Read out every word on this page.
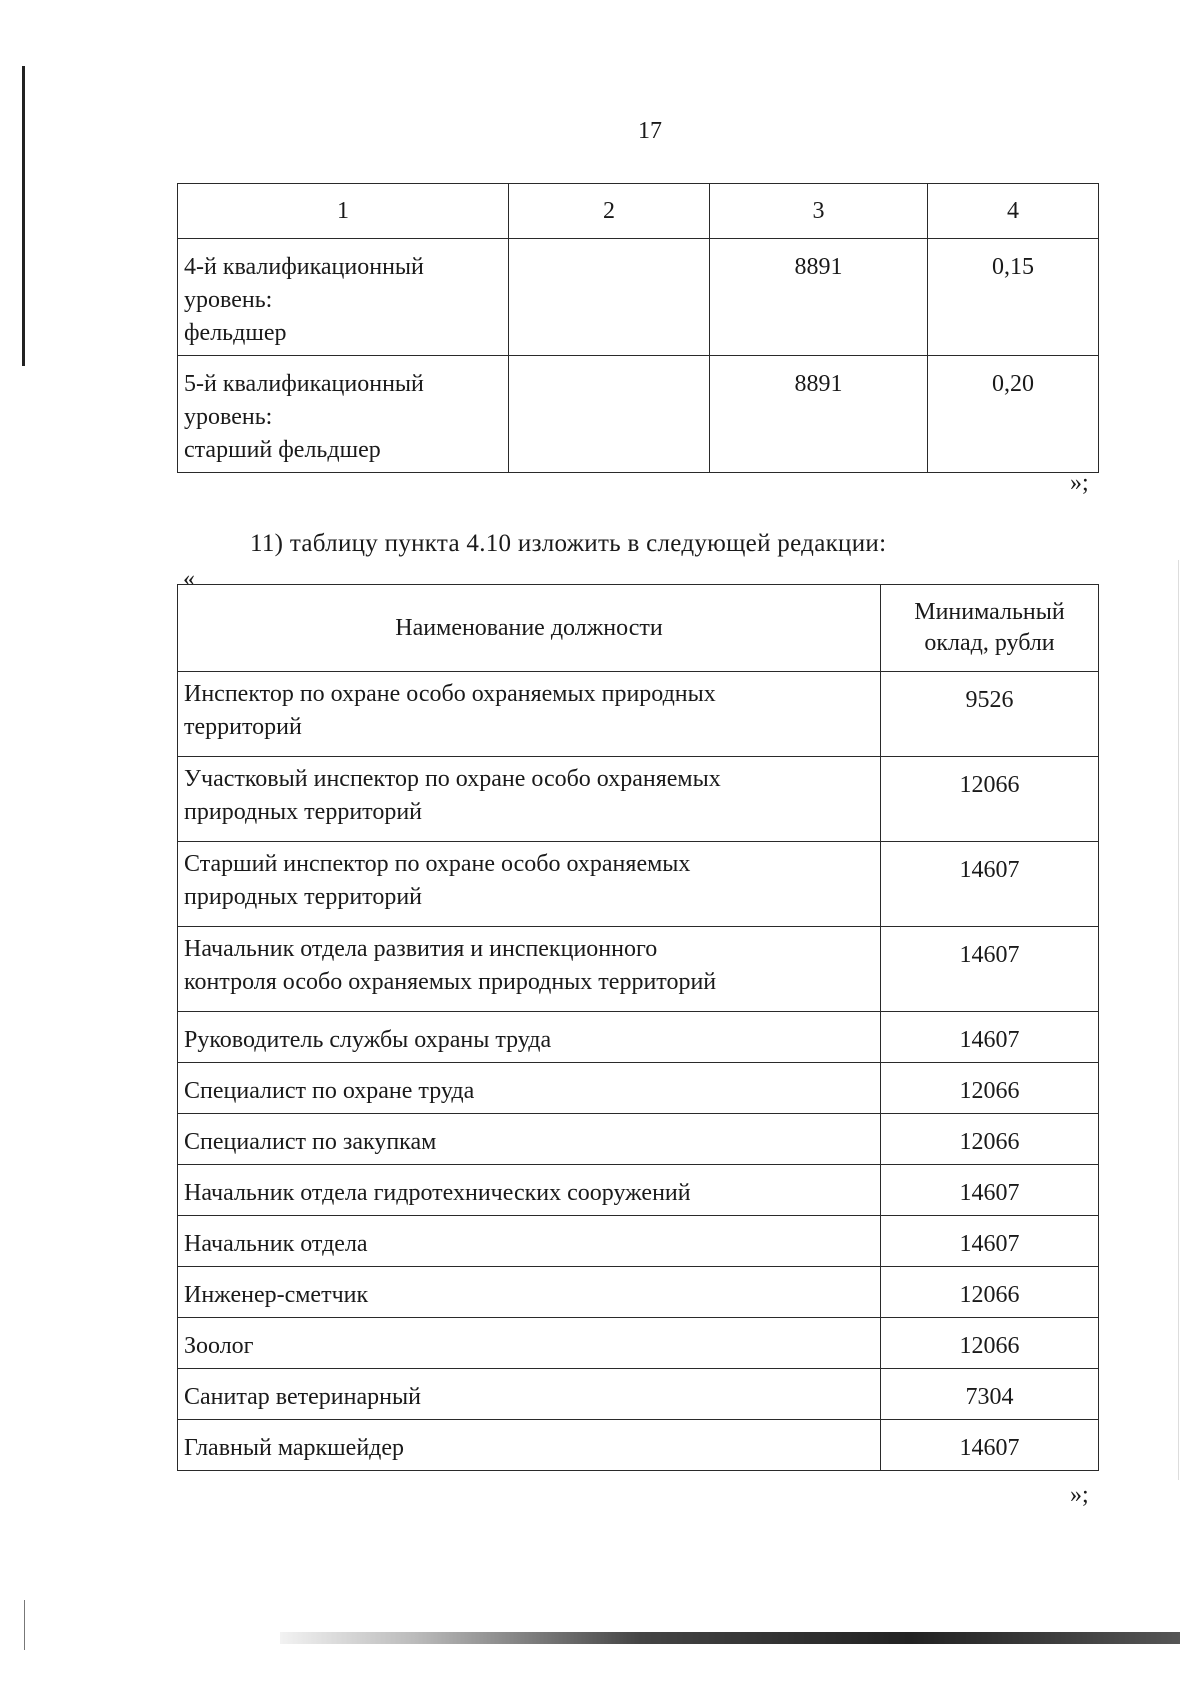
17
1	2	3	4

4-й квалификационный
уровень:
фельдшер		8891	0,15

5-й квалификационный
уровень:
старший фельдшер		8891	0,20
»;
11) таблицу пункта 4.10 изложить в следующей редакции:
«
Наименование должности	Минимальный
оклад, рубли

Инспектор по охране особо охраняемых природных
территорий	9526

Участковый инспектор по охране особо охраняемых
природных территорий	12066

Старший инспектор по охране особо охраняемых
природных территорий	14607

Начальник отдела развития и инспекционного
контроля особо охраняемых природных территорий	14607
Руководитель службы охраны труда	14607
Специалист по охране труда	12066
Специалист по закупкам	12066
Начальник отдела гидротехнических сооружений	14607
Начальник отдела	14607
Инженер-сметчик	12066
Зоолог	12066
Санитар ветеринарный	7304
Главный маркшейдер	14607
»;
